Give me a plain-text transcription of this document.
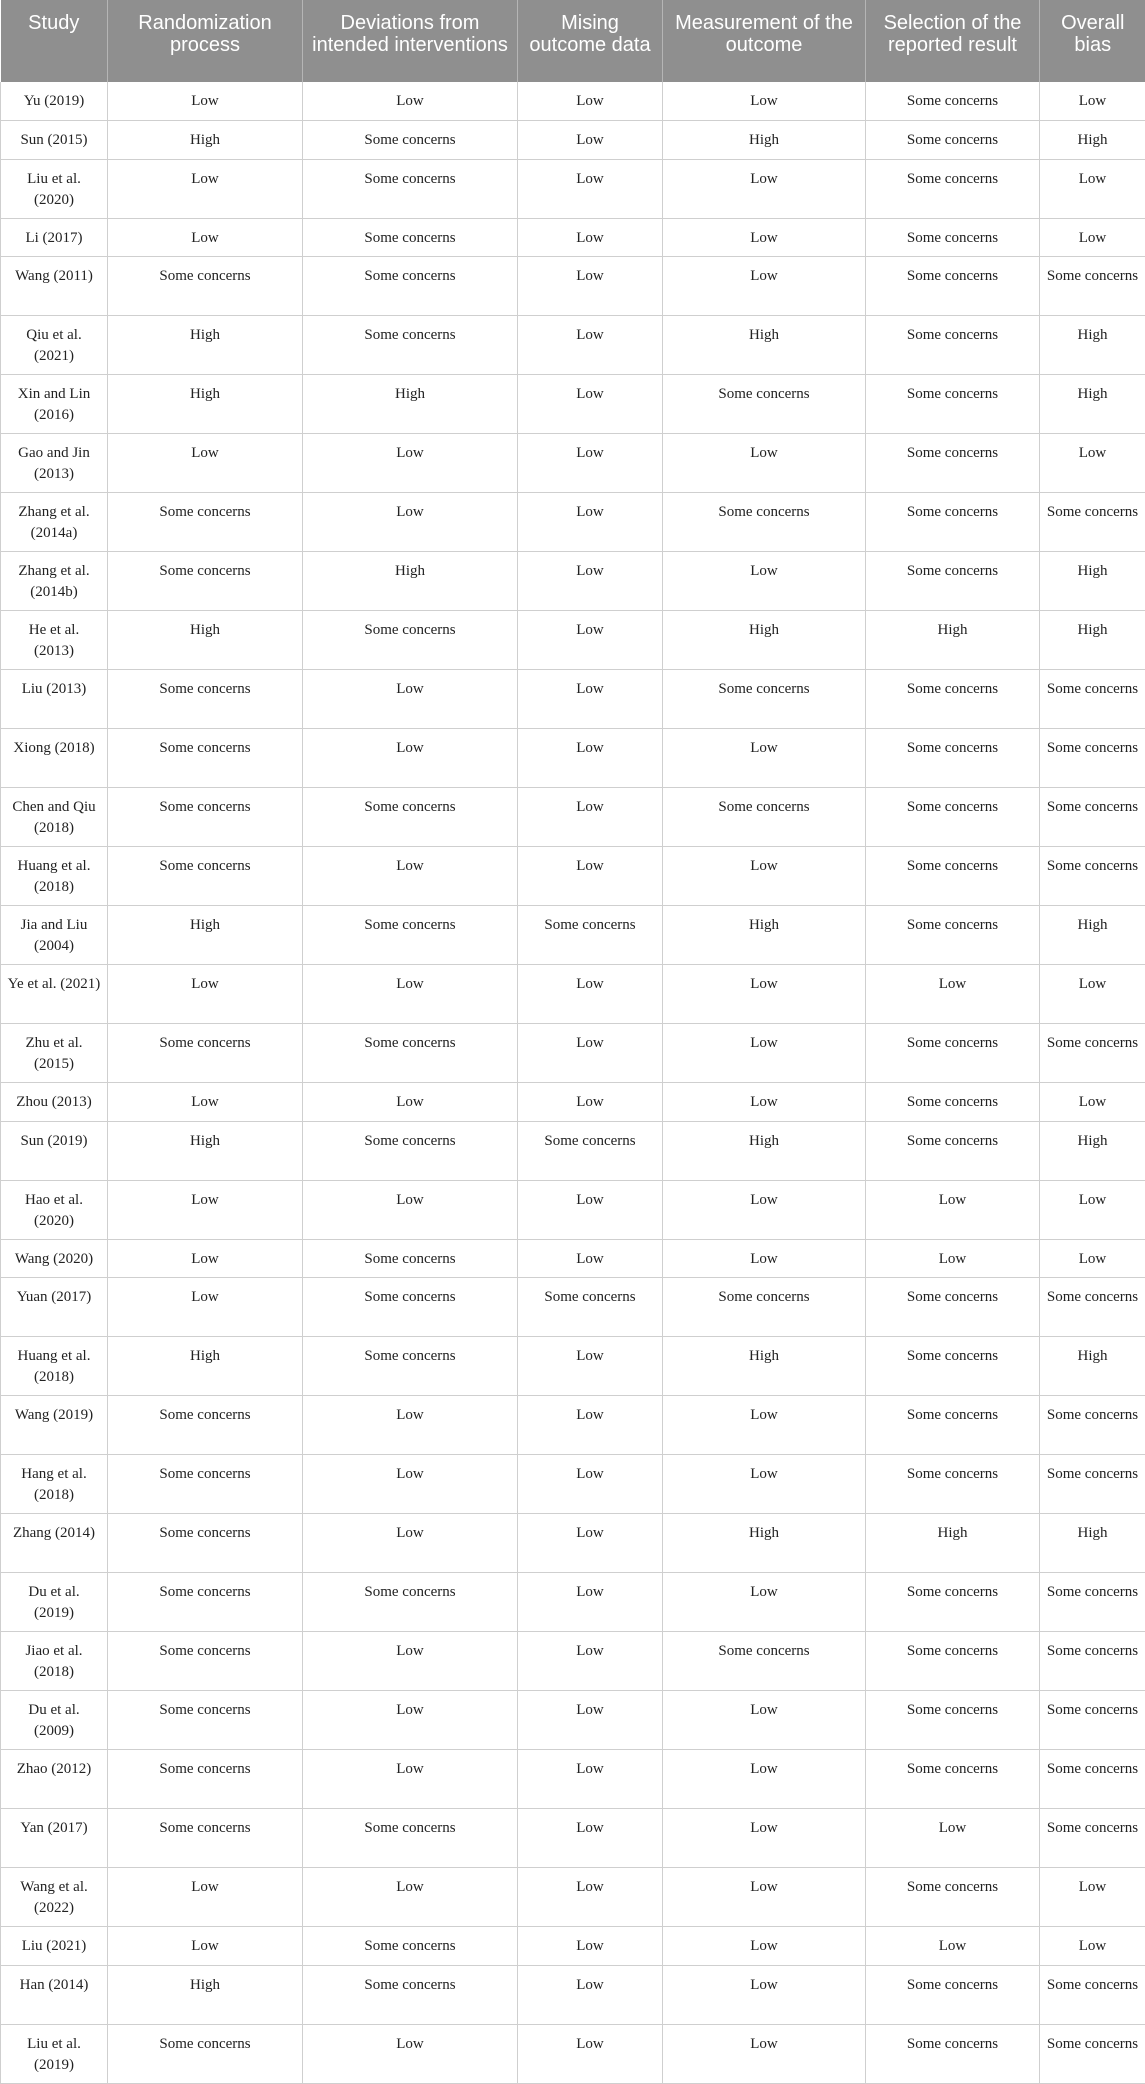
Study	Randomization process	Deviations from intended interventions	Mising outcome data	Measurement of the outcome	Selection of the reported result	Overall bias
Yu (2019)	Low	Low	Low	Low	Some concerns	Low
Sun (2015)	High	Some concerns	Low	High	Some concerns	High
Liu et al. (2020)	Low	Some concerns	Low	Low	Some concerns	Low
Li (2017)	Low	Some concerns	Low	Low	Some concerns	Low
Wang (2011)	Some concerns	Some concerns	Low	Low	Some concerns	Some concerns
Qiu et al. (2021)	High	Some concerns	Low	High	Some concerns	High
Xin and Lin (2016)	High	High	Low	Some concerns	Some concerns	High
Gao and Jin (2013)	Low	Low	Low	Low	Some concerns	Low
Zhang et al. (2014a)	Some concerns	Low	Low	Some concerns	Some concerns	Some concerns
Zhang et al. (2014b)	Some concerns	High	Low	Low	Some concerns	High
He et al. (2013)	High	Some concerns	Low	High	High	High
Liu (2013)	Some concerns	Low	Low	Some concerns	Some concerns	Some concerns
Xiong (2018)	Some concerns	Low	Low	Low	Some concerns	Some concerns
Chen and Qiu (2018)	Some concerns	Some concerns	Low	Some concerns	Some concerns	Some concerns
Huang et al. (2018)	Some concerns	Low	Low	Low	Some concerns	Some concerns
Jia and Liu (2004)	High	Some concerns	Some concerns	High	Some concerns	High
Ye et al. (2021)	Low	Low	Low	Low	Low	Low
Zhu et al. (2015)	Some concerns	Some concerns	Low	Low	Some concerns	Some concerns
Zhou (2013)	Low	Low	Low	Low	Some concerns	Low
Sun (2019)	High	Some concerns	Some concerns	High	Some concerns	High
Hao et al. (2020)	Low	Low	Low	Low	Low	Low
Wang (2020)	Low	Some concerns	Low	Low	Low	Low
Yuan (2017)	Low	Some concerns	Some concerns	Some concerns	Some concerns	Some concerns
Huang et al. (2018)	High	Some concerns	Low	High	Some concerns	High
Wang (2019)	Some concerns	Low	Low	Low	Some concerns	Some concerns
Hang et al. (2018)	Some concerns	Low	Low	Low	Some concerns	Some concerns
Zhang (2014)	Some concerns	Low	Low	High	High	High
Du et al. (2019)	Some concerns	Some concerns	Low	Low	Some concerns	Some concerns
Jiao et al. (2018)	Some concerns	Low	Low	Some concerns	Some concerns	Some concerns
Du et al. (2009)	Some concerns	Low	Low	Low	Some concerns	Some concerns
Zhao (2012)	Some concerns	Low	Low	Low	Some concerns	Some concerns
Yan (2017)	Some concerns	Some concerns	Low	Low	Low	Some concerns
Wang et al. (2022)	Low	Low	Low	Low	Some concerns	Low
Liu (2021)	Low	Some concerns	Low	Low	Low	Low
Han (2014)	High	Some concerns	Low	Low	Some concerns	Some concerns
Liu et al. (2019)	Some concerns	Low	Low	Low	Some concerns	Some concerns
